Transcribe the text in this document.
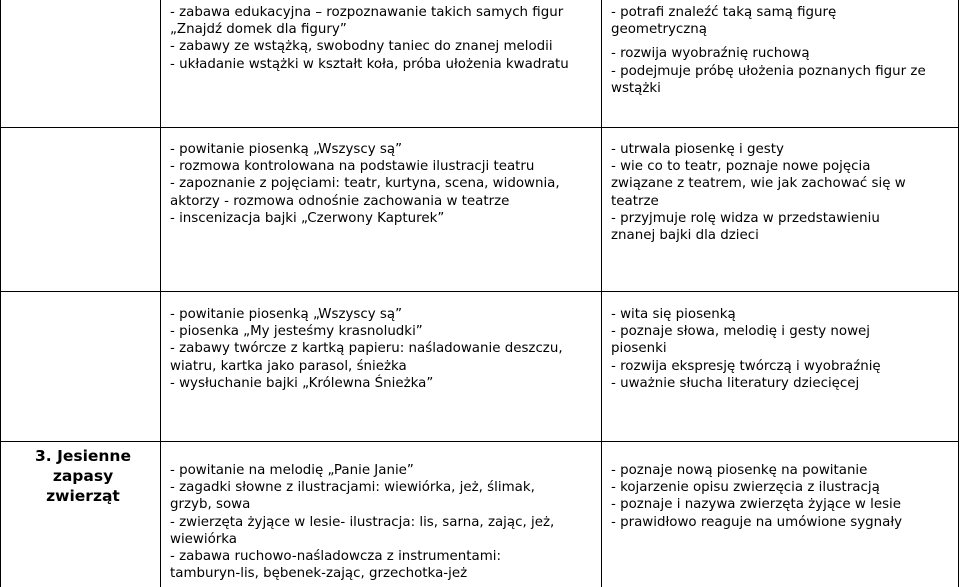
- zabawa edukacyjna – rozpoznawanie takich samych figur
„Znajdź domek dla figury”
- zabawy ze wstążką, swobodny taniec do znanej melodii
- układanie wstążki w kształt koła, próba ułożenia kwadratu
- potrafi znaleźć taką samą figurę
geometryczną
- rozwija wyobraźnię ruchową
- podejmuje próbę ułożenia poznanych figur ze
wstążki
- powitanie piosenką „Wszyscy są”
- rozmowa kontrolowana na podstawie ilustracji teatru
- zapoznanie z pojęciami: teatr, kurtyna, scena, widownia,
aktorzy - rozmowa odnośnie zachowania w teatrze
- inscenizacja bajki „Czerwony Kapturek”
- utrwala piosenkę i gesty
- wie co to teatr, poznaje nowe pojęcia
związane z teatrem, wie jak zachować się w
teatrze
- przyjmuje rolę widza w przedstawieniu
znanej bajki dla dzieci
- powitanie piosenką „Wszyscy są”
- piosenka „My jesteśmy krasnoludki”
- zabawy twórcze z kartką papieru: naśladowanie deszczu,
wiatru, kartka jako parasol, śnieżka
- wysłuchanie bajki „Królewna Śnieżka”
- wita się piosenką
- poznaje słowa, melodię i gesty nowej
piosenki
- rozwija ekspresję twórczą i wyobraźnię
- uważnie słucha literatury dziecięcej
3. Jesienne
zapasy
zwierząt
- powitanie na melodię „Panie Janie”
- zagadki słowne z ilustracjami: wiewiórka, jeż, ślimak,
grzyb, sowa
- zwierzęta żyjące w lesie- ilustracja: lis, sarna, zając, jeż,
wiewiórka
- zabawa ruchowo-naśladowcza z instrumentami:
tamburyn-lis, bębenek-zając, grzechotka-jeż
- poznaje nową piosenkę na powitanie
- kojarzenie opisu zwierzęcia z ilustracją
- poznaje i nazywa zwierzęta żyjące w lesie
- prawidłowo reaguje na umówione sygnały
